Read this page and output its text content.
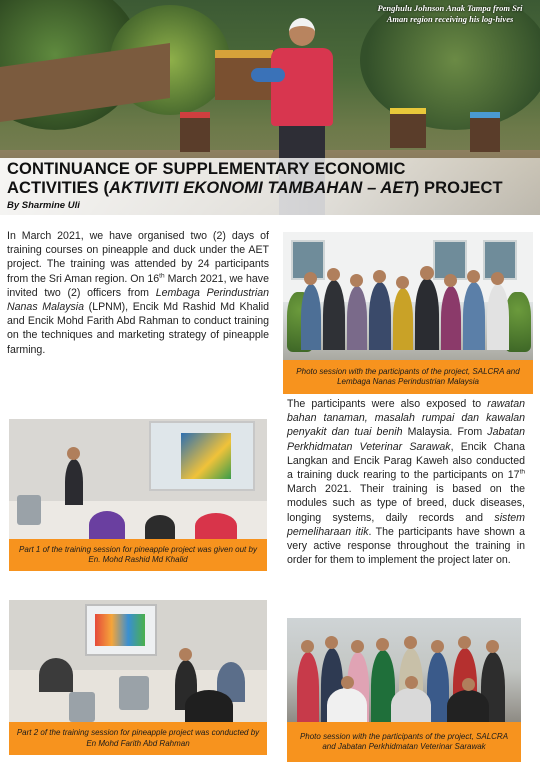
Penghulu Johnson Anak Tampa from Sri Aman region receiving his log-hives
CONTINUANCE OF SUPPLEMENTARY ECONOMIC
ACTIVITIES (AKTIVITI EKONOMI TAMBAHAN – AET) PROJECT
By Sharmine Uli

In March 2021, we have organised two (2) days of training courses on pineapple and duck under the AET project. The training was attended by 24 participants from the Sri Aman region. On 16th March 2021, we have invited two (2) officers from Lembaga Perindustrian Nanas Malaysia (LPNM), Encik Md Rashid Md Khalid and Encik Mohd Farith Abd Rahman to conduct training on the techniques and marketing strategy of pineapple farming.

Photo session with the participants of the project, SALCRA and Lembaga Nanas Perindustrian Malaysia

The participants were also exposed to rawatan bahan tanaman, masalah rumpai dan kawalan penyakit dan tuai benih Malaysia. From Jabatan Perkhidmatan Veterinar Sarawak, Encik Chana Langkan and Encik Parag Kaweh also conducted a training duck rearing to the participants on 17th March 2021. Their training is based on the modules such as type of breed, duck diseases, longing systems, daily records and sistem pemeliharaan itik. The participants have shown a very active response throughout the training in order for them to implement the project later on.

Part 1 of the training session for pineapple project was given out by En. Mohd Rashid Md Khalid
Part 2 of the training session for pineapple project was conducted by En Mohd Farith Abd Rahman
Photo session with the participants of the project, SALCRA and Jabatan Perkhidmatan Veterinar Sarawak
